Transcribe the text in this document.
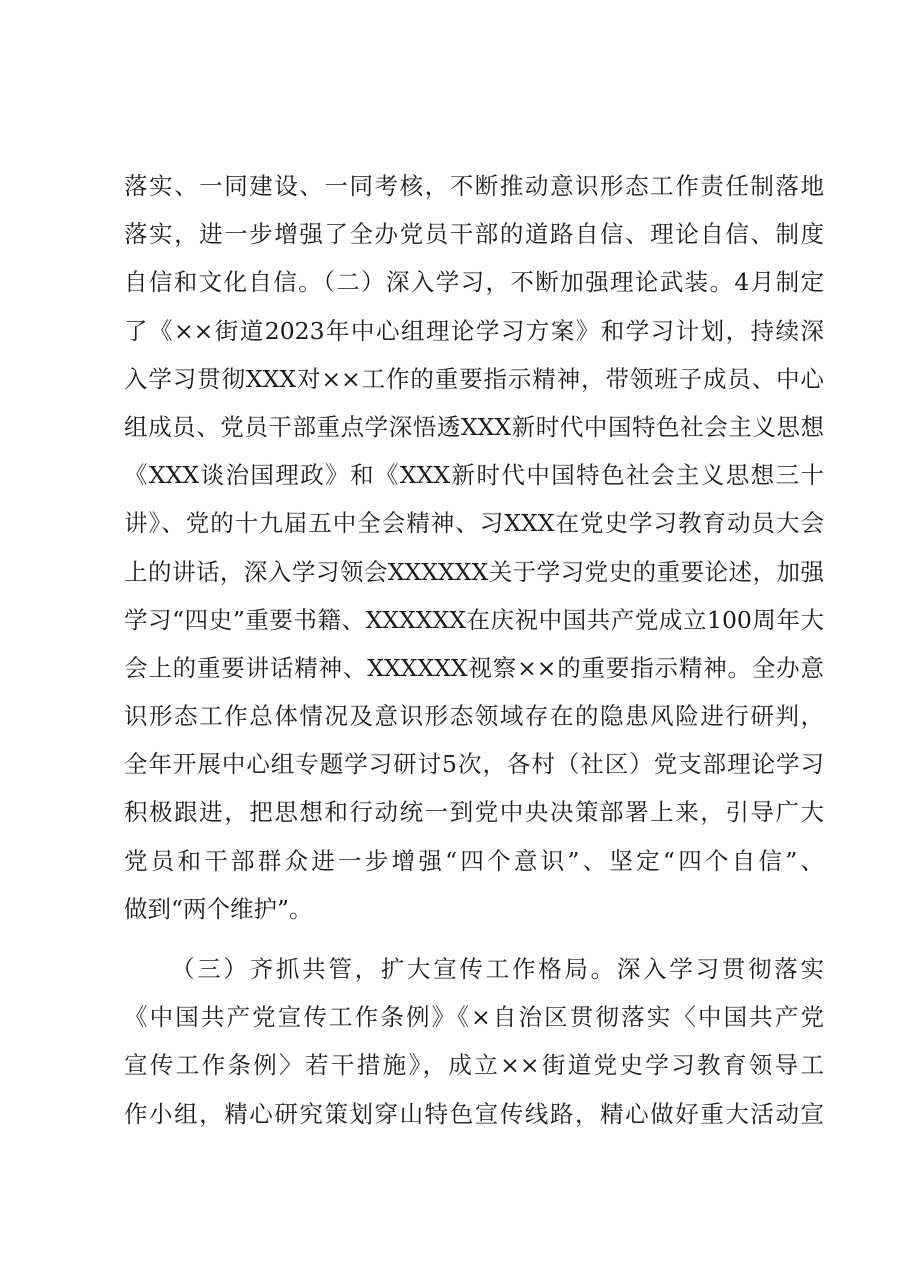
落实、一同建设、一同考核，不断推动意识形态工作责任制落地
落实，进一步增强了全办党员干部的道路自信、理论自信、制度
自信和文化自信。（二）深入学习，不断加强理论武装。4月制定
了《××街道2023年中心组理论学习方案》和学习计划，持续深
入学习贯彻XXX对××工作的重要指示精神，带领班子成员、中心
组成员、党员干部重点学深悟透XXX新时代中国特色社会主义思想
《XXX谈治国理政》和《XXX新时代中国特色社会主义思想三十
讲》、党的十九届五中全会精神、习XXX在党史学习教育动员大会
上的讲话，深入学习领会XXXXXX关于学习党史的重要论述，加强
学习“四史”重要书籍、XXXXXX在庆祝中国共产党成立100周年大
会上的重要讲话精神、XXXXXX视察××的重要指示精神。全办意
识形态工作总体情况及意识形态领域存在的隐患风险进行研判，
全年开展中心组专题学习研讨5次，各村（社区）党支部理论学习
积极跟进，把思想和行动统一到党中央决策部署上来，引导广大
党员和干部群众进一步增强“四个意识”、坚定“四个自信”、
做到“两个维护”。
（三）齐抓共管，扩大宣传工作格局。深入学习贯彻落实
《中国共产党宣传工作条例》《×自治区贯彻落实〈中国共产党
宣传工作条例〉若干措施》，成立××街道党史学习教育领导工
作小组，精心研究策划穿山特色宣传线路，精心做好重大活动宣
